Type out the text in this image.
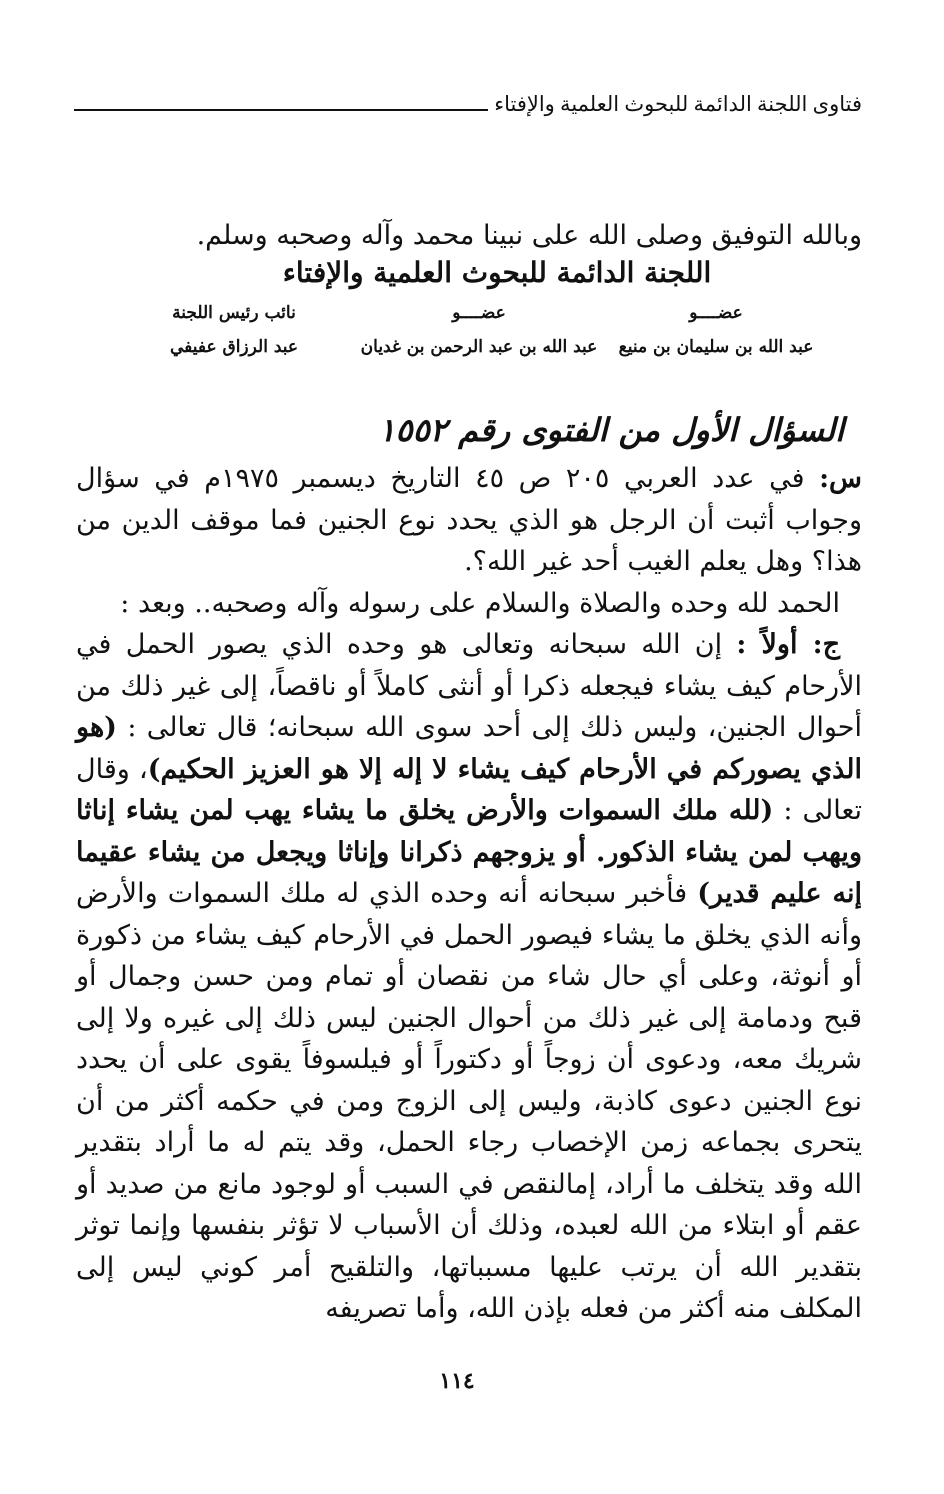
فتاوى اللجنة الدائمة للبحوث العلمية والإفتاء
وبالله التوفيق وصلى الله على نبينا محمد وآله وصحبه وسلم.
اللجنة الدائمة للبحوث العلمية والإفتاء
عضــــو
عبد الله بن سليمان بن منيع
عضــــو
عبد الله بن عبد الرحمن بن غديان
نائب رئيس اللجنة
عبد الرزاق عفيفي
السؤال الأول من الفتوى رقم ١٥٥٢

س: في عدد العربي ٢٠٥ ص ٤٥ التاريخ ديسمبر ١٩٧٥م في سؤال وجواب أثبت أن الرجل هو الذي يحدد نوع الجنين فما موقف الدين من هذا؟ وهل يعلم الغيب أحد غير الله؟.

الحمد لله وحده والصلاة والسلام على رسوله وآله وصحبه.. وبعد :

ج: أولاً : إن الله سبحانه وتعالى هو وحده الذي يصور الحمل في الأرحام كيف يشاء فيجعله ذكرا أو أنثى كاملاً أو ناقصاً، إلى غير ذلك من أحوال الجنين، وليس ذلك إلى أحد سوى الله سبحانه؛ قال تعالى : (هو الذي يصوركم في الأرحام كيف يشاء لا إله إلا هو العزيز الحكيم)، وقال تعالى : (لله ملك السموات والأرض يخلق ما يشاء يهب لمن يشاء إناثا ويهب لمن يشاء الذكور. أو يزوجهم ذكرانا وإناثا ويجعل من يشاء عقيما إنه عليم قدير) فأخبر سبحانه أنه وحده الذي له ملك السموات والأرض وأنه الذي يخلق ما يشاء فيصور الحمل في الأرحام كيف يشاء من ذكورة أو أنوثة، وعلى أي حال شاء من نقصان أو تمام ومن حسن وجمال أو قبح ودمامة إلى غير ذلك من أحوال الجنين ليس ذلك إلى غيره ولا إلى شريك معه، ودعوى أن زوجاً أو دكتوراً أو فيلسوفاً يقوى على أن يحدد نوع الجنين دعوى كاذبة، وليس إلى الزوج ومن في حكمه أكثر من أن يتحرى بجماعه زمن الإخصاب رجاء الحمل، وقد يتم له ما أراد بتقدير الله وقد يتخلف ما أراد، إمالنقص في السبب أو لوجود مانع من صديد أو عقم أو ابتلاء من الله لعبده، وذلك أن الأسباب لا تؤثر بنفسها وإنما توثر بتقدير الله أن يرتب عليها مسبباتها، والتلقيح أمر كوني ليس إلى المكلف منه أكثر من فعله بإذن الله، وأما تصريفه

١١٤
